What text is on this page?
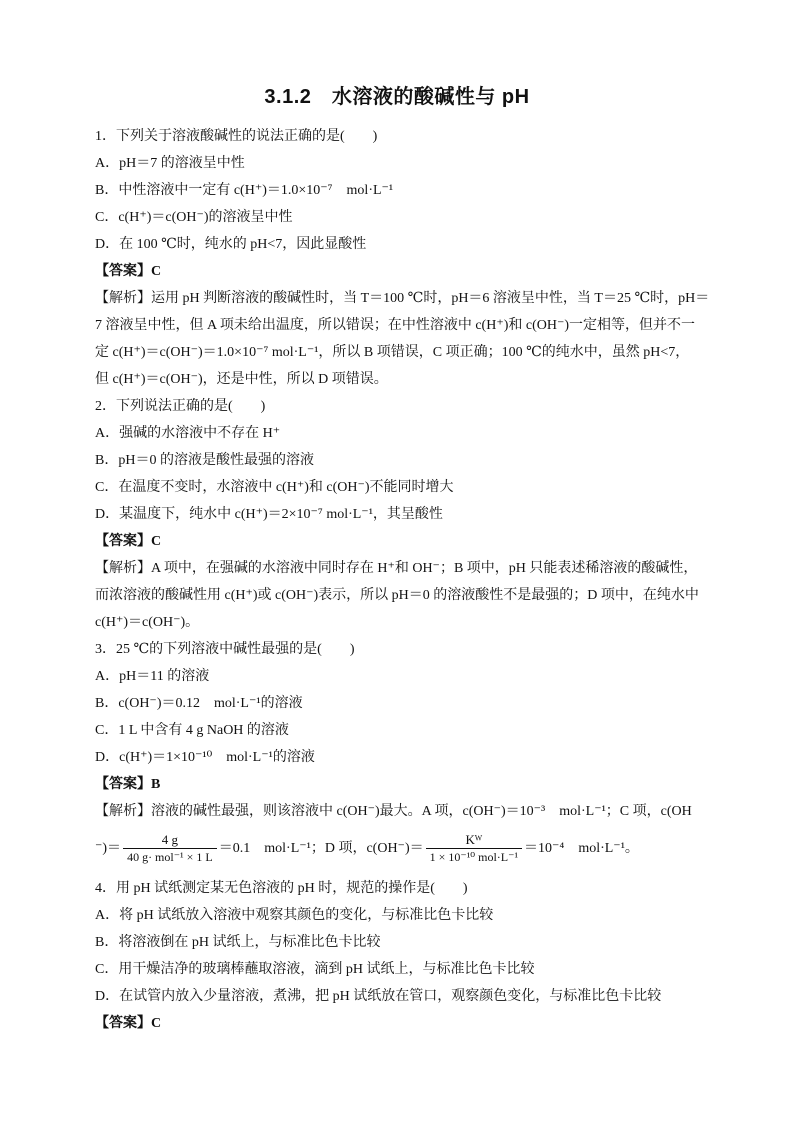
3.1.2　水溶液的酸碱性与 pH
1．下列关于溶液酸碱性的说法正确的是(　　)
A．pH＝7 的溶液呈中性
B．中性溶液中一定有 c(H⁺)＝1.0×10⁻⁷　mol·L⁻¹
C．c(H⁺)＝c(OH⁻)的溶液呈中性
D．在 100 ℃时，纯水的 pH<7，因此显酸性
【答案】C
【解析】运用 pH 判断溶液的酸碱性时，当 T＝100 ℃时，pH＝6 溶液呈中性，当 T＝25 ℃时，pH＝
7 溶液呈中性，但 A 项未给出温度，所以错误；在中性溶液中 c(H⁺)和 c(OH⁻)一定相等，但并不一
定 c(H⁺)＝c(OH⁻)＝1.0×10⁻⁷ mol·L⁻¹，所以 B 项错误，C 项正确；100 ℃的纯水中，虽然 pH<7，
但 c(H⁺)＝c(OH⁻)，还是中性，所以 D 项错误。
2．下列说法正确的是(　　)
A．强碱的水溶液中不存在 H⁺
B．pH＝0 的溶液是酸性最强的溶液
C．在温度不变时，水溶液中 c(H⁺)和 c(OH⁻)不能同时增大
D．某温度下，纯水中 c(H⁺)＝2×10⁻⁷ mol·L⁻¹，其呈酸性
【答案】C
【解析】A 项中，在强碱的水溶液中同时存在 H⁺和 OH⁻；B 项中，pH 只能表述稀溶液的酸碱性，
而浓溶液的酸碱性用 c(H⁺)或 c(OH⁻)表示，所以 pH＝0 的溶液酸性不是最强的；D 项中，在纯水中
c(H⁺)＝c(OH⁻)。
3．25 ℃的下列溶液中碱性最强的是(　　)
A．pH＝11 的溶液
B．c(OH⁻)＝0.12　mol·L⁻¹的溶液
C．1 L 中含有 4 g NaOH 的溶液
D．c(H⁺)＝1×10⁻¹⁰　mol·L⁻¹的溶液
【答案】B
【解析】溶液的碱性最强，则该溶液中 c(OH⁻)最大。A 项，c(OH⁻)＝10⁻³　mol·L⁻¹；C 项，c(OH
⁻)＝ $\frac{4 g}{\text{40 g· mol⁻¹ × 1 L}} =0.1$　mol·L⁻¹；D 项，$c(OH^-)= \frac{\text{Kᵂ}}{\text{1 × 10⁻¹⁰ mol·L⁻¹}} =10^{-4}$　mol·L⁻¹。
4．用 pH 试纸测定某无色溶液的 pH 时，规范的操作是(　　)
A．将 pH 试纸放入溶液中观察其颜色的变化，与标准比色卡比较
B．将溶液倒在 pH 试纸上，与标准比色卡比较
C．用干燥洁净的玻璃棒蘸取溶液，滴到 pH 试纸上，与标准比色卡比较
D．在试管内放入少量溶液，煮沸，把 pH 试纸放在管口，观察颜色变化，与标准比色卡比较
【答案】C
